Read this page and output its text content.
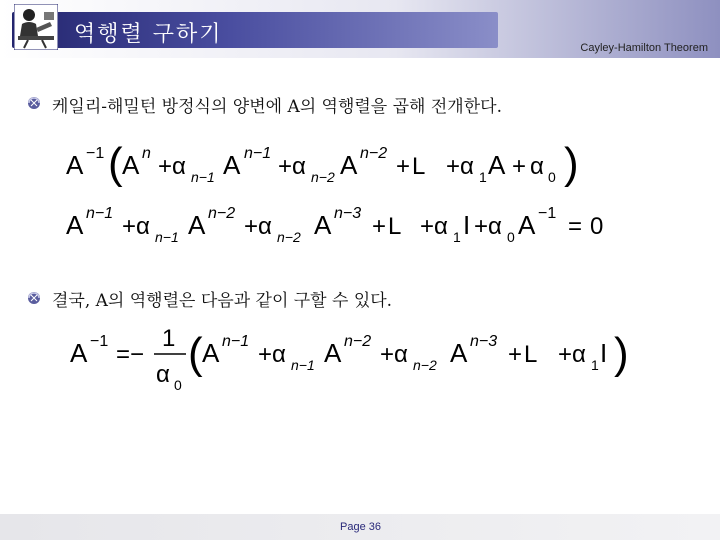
역행렬 구하기
Cayley-Hamilton Theorem
케일리-해밀턴 방정식의 양변에 A의 역행렬을 곱해 전개한다.
A −1 ( A n +α n−1 A n−1 +α n−2 A n−2 + L +α 1 A + α 0 )
A n−1 +α n−1 A n−2 +α n−2 A n−3 + L +α 1 I +α 0 A −1 = 0
결국, A의 역행렬은 다음과 같이 구할 수 있다.
A −1 =−
1
α 0
( A n−1 +α n−1 A n−2 +α n−2 A n−3 + L +α 1 I )
Page 36
